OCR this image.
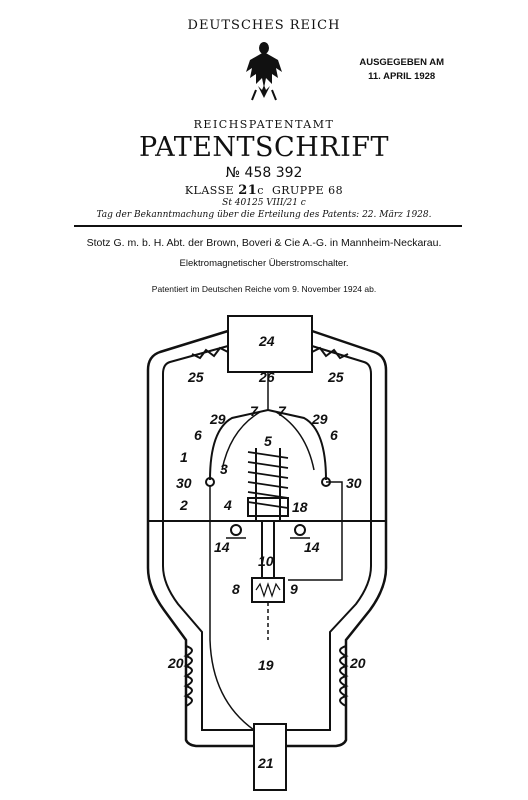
DEUTSCHES REICH
AUSGEGEBEN AM
11. APRIL 1928
REICHSPATENTAMT
PATENTSCHRIFT
№ 458 392
KLASSE 21c GRUPPE 68
St 40125 VIII/21 c
Tag der Bekanntmachung über die Erteilung des Patents: 22. März 1928.
Stotz G. m. b. H. Abt. der Brown, Boveri & Cie A.-G. in Mannheim-Neckarau.
Elektromagnetischer Überstromschalter.
Patentiert im Deutschen Reiche vom 9. November 1924 ab.
24
25	25
26
7 7
29	29
6	6
5
1
3
30	30
4
2	18
14	14
10
8	9
20	20
19
21
